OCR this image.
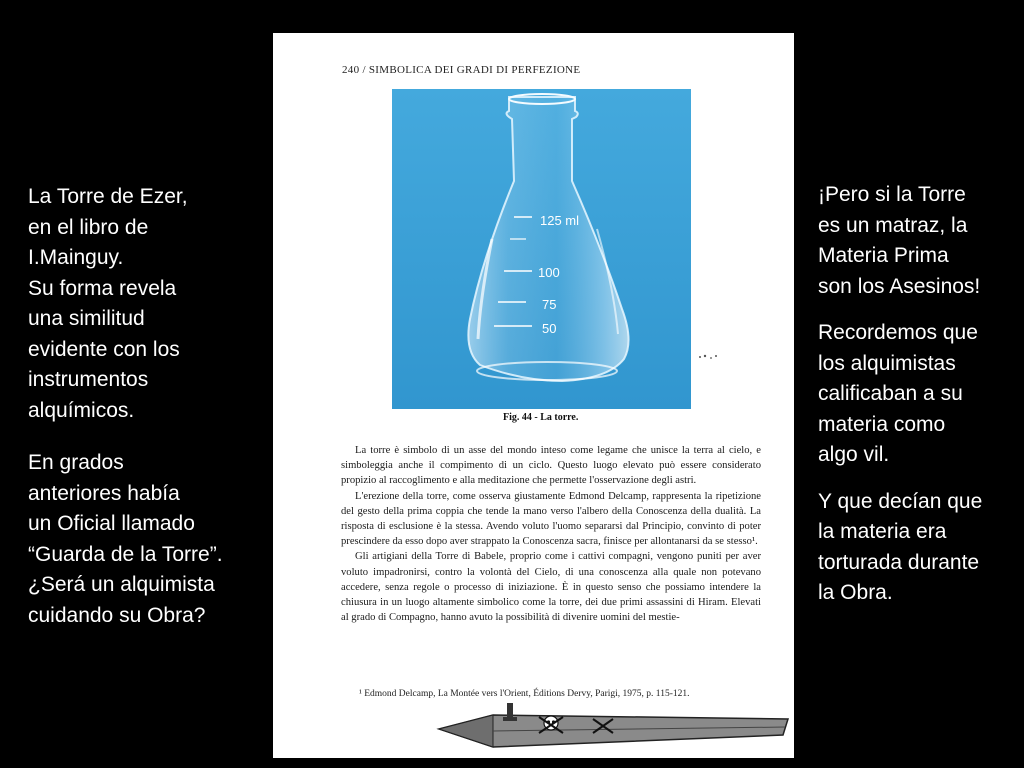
La Torre de Ezer,
en el libro de
I.Mainguy.
Su forma revela
una similitud
evidente con los
instrumentos
alquímicos.

En grados
anteriores había
un Oficial llamado
“Guarda de la Torre”.
¿Será un alquimista
cuidando su Obra?

240 / SIMBOLICA DEI GRADI DI PERFEZIONE
125 ml
100
75
50
Fig. 44 - La torre.

La torre è simbolo di un asse del mondo inteso come legame che unisce la terra al cielo, e simboleggia anche il compimento di un ciclo. Questo luogo elevato può essere considerato propizio al raccoglimento e alla meditazione che permette l'osservazione degli astri.

L'erezione della torre, come osserva giustamente Edmond Delcamp, rappresenta la ripetizione del gesto della prima coppia che tende la mano verso l'albero della Conoscenza della dualità. La risposta di esclusione è la stessa. Avendo voluto l'uomo separarsi dal Principio, convinto di poter prescindere da esso dopo aver strappato la Conoscenza sacra, finisce per allontanarsi da se stesso¹.

Gli artigiani della Torre di Babele, proprio come i cattivi compagni, vengono puniti per aver voluto impadronirsi, contro la volontà del Cielo, di una conoscenza alla quale non potevano accedere, senza regole o processo di iniziazione. È in questo senso che possiamo intendere la chiusura in un luogo altamente simbolico come la torre, dei due primi assassini di Hiram. Elevati al grado di Compagno, hanno avuto la possibilità di divenire uomini del mestie-

¹ Edmond Delcamp, La Montée vers l'Orient, Éditions Dervy, Parigi, 1975, p. 115-121.

¡Pero si la Torre
es un matraz, la
Materia Prima
son los Asesinos!

Recordemos que
los alquimistas
calificaban a su
materia como
algo vil.

Y que decían que
la materia era
torturada durante
la Obra.
